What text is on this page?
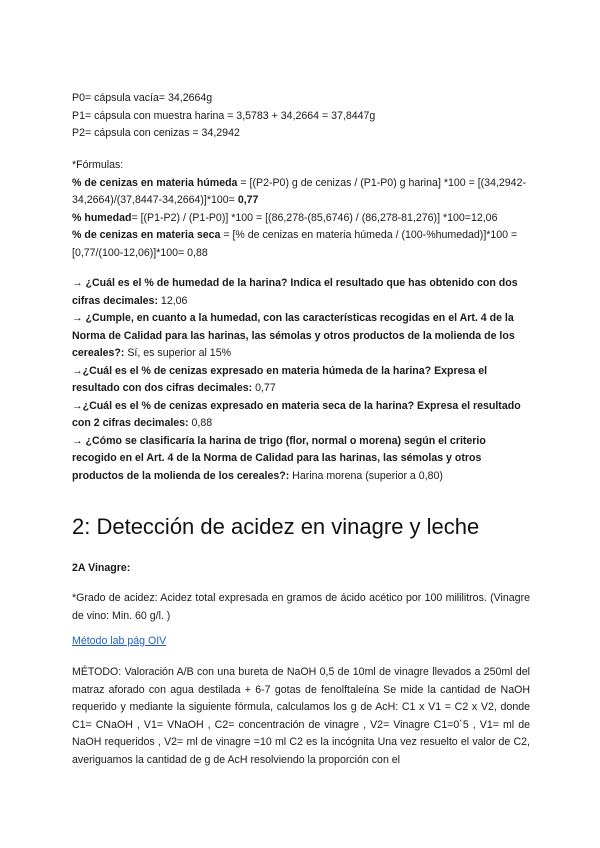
P0= cápsula vacía= 34,2664g

P1= cápsula con muestra harina = 3,5783 + 34,2664 = 37,8447g

P2= cápsula con cenizas = 34,2942

*Fórmulas:

% de cenizas en materia húmeda = [(P2-P0) g de cenizas / (P1-P0) g harina] *100 = [(34,2942-34,2664)/(37,8447-34,2664)]*100= 0,77

% humedad= [(P1-P2) / (P1-P0)] *100 = [(86,278-(85,6746) / (86,278-81,276)] *100=12,06

% de cenizas en materia seca = [% de cenizas en materia húmeda / (100-%humedad)]*100 = [0,77/(100-12,06)]*100= 0,88

→ ¿Cuál es el % de humedad de la harina? Indica el resultado que has obtenido con dos cifras decimales: 12,06

→ ¿Cumple, en cuanto a la humedad, con las características recogidas en el Art. 4 de la Norma de Calidad para las harinas, las sémolas y otros productos de la molienda de los cereales?: Sí, es superior al 15%

→¿Cuál es el % de cenizas expresado en materia húmeda de la harina? Expresa el resultado con dos cifras decimales: 0,77

→¿Cuál es el % de cenizas expresado en materia seca de la harina? Expresa el resultado con 2 cifras decimales: 0,88

→ ¿Cómo se clasificaría la harina de trigo (flor, normal o morena) según el criterio recogido en el Art. 4 de la Norma de Calidad para las harinas, las sémolas y otros productos de la molienda de los cereales?: Harina morena (superior a 0,80)

2: Detección de acidez en vinagre y leche
2A Vinagre:
*Grado de acidez: Acidez total expresada en gramos de ácido acético por 100 mililitros. (Vinagre de vino: Min. 60 g/l. )
Método lab pág OIV
MÉTODO: Valoración A/B con una bureta de NaOH 0,5 de 10ml de vinagre llevados a 250ml del matraz aforado con agua destilada + 6-7 gotas de fenolftaleína Se mide la cantidad de NaOH requerido y mediante la siguiente fórmula, calculamos los g de AcH: C1 x V1 = C2 x V2, donde C1= CNaOH , V1= VNaOH , C2= concentración de vinagre , V2= Vinagre C1=0´5 , V1= ml de NaOH requeridos , V2= ml de vinagre =10 ml C2 es la incógnita Una vez resuelto el valor de C2, averiguamos la cantidad de g de AcH resolviendo la proporción con el
